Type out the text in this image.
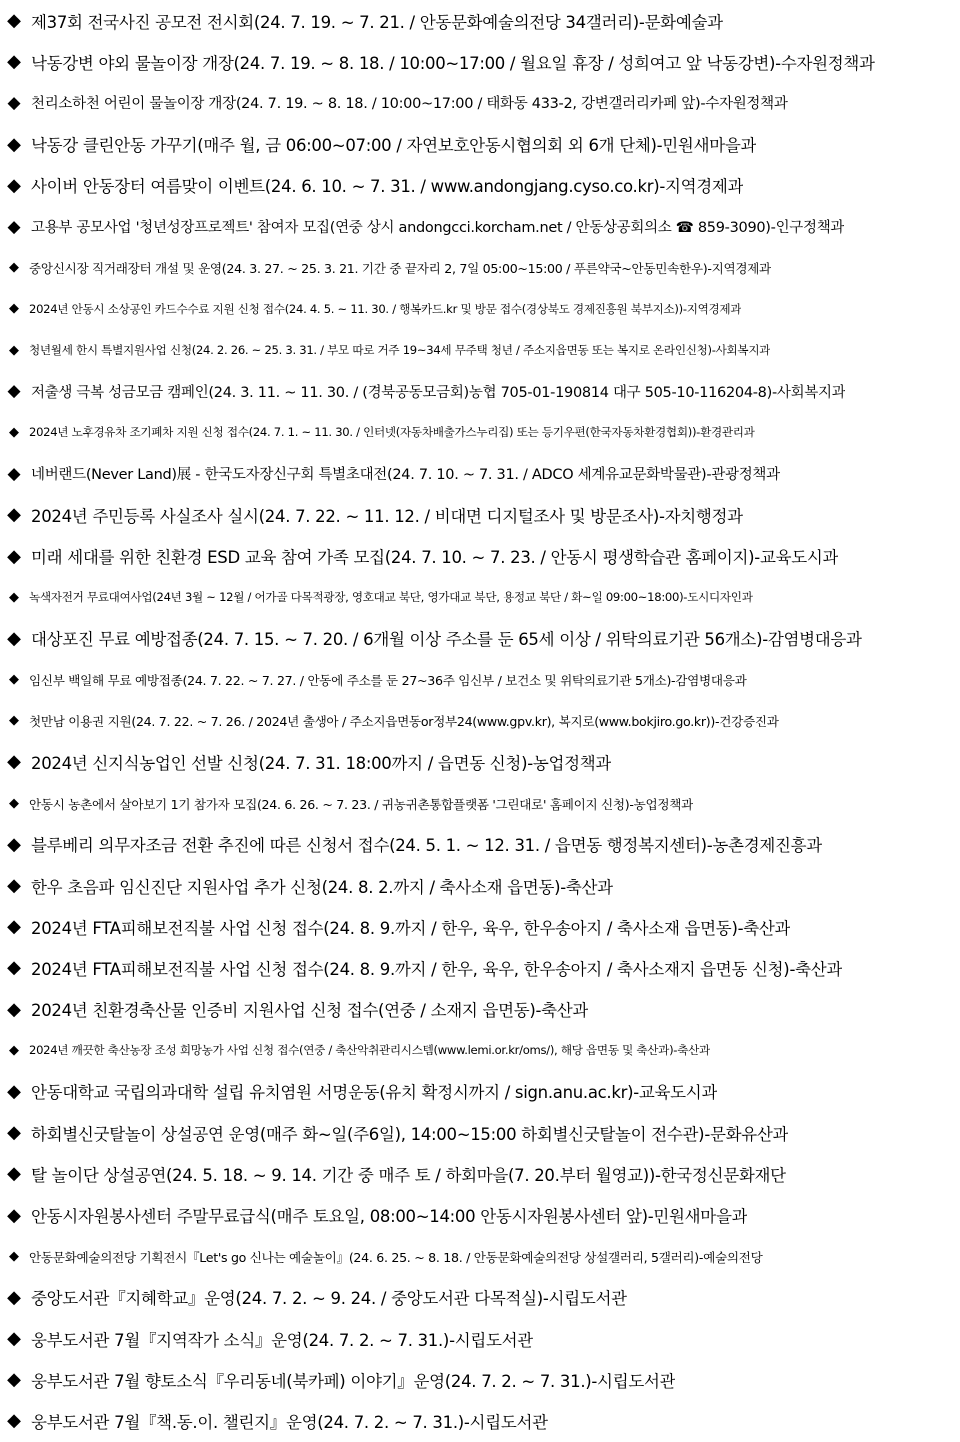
◆ 제37회 전국사진 공모전 전시회(24. 7. 19. ~ 7. 21. / 안동문화예술의전당 34갤러리)-문화예술과
◆ 낙동강변 야외 물놀이장 개장(24. 7. 19. ~ 8. 18. / 10:00~17:00 / 월요일 휴장 / 성희여고 앞 낙동강변)-수자원정책과
◆ 천리소하천 어린이 물놀이장 개장(24. 7. 19. ~ 8. 18. / 10:00~17:00 / 태화동 433-2, 강변갤러리카페 앞)-수자원정책과
◆ 낙동강 클린안동 가꾸기(매주 월, 금 06:00~07:00 / 자연보호안동시협의회 외 6개 단체)-민원새마을과
◆ 사이버 안동장터 여름맞이 이벤트(24. 6. 10. ~ 7. 31. / www.andongjang.cyso.co.kr)-지역경제과
◆ 고용부 공모사업 '청년성장프로젝트' 참여자 모집(연중 상시 andongcci.korcham.net / 안동상공회의소 ☎ 859-3090)-인구정책과
◆ 중앙신시장 직거래장터 개설 및 운영(24. 3. 27. ~ 25. 3. 21. 기간 중 끝자리 2, 7일 05:00~15:00 / 푸른약국~안동민속한우)-지역경제과
◆ 2024년 안동시 소상공인 카드수수료 지원 신청 접수(24. 4. 5. ~ 11. 30. / 행복카드.kr 및 방문 접수(경상북도 경제진흥원 북부지소))-지역경제과
◆ 청년월세 한시 특별지원사업 신청(24. 2. 26. ~ 25. 3. 31. / 부모 따로 거주 19~34세 무주택 청년 / 주소지읍면동 또는 복지로 온라인신청)-사회복지과
◆ 저출생 극복 성금모금 캠페인(24. 3. 11. ~ 11. 30. / (경북공동모금회)농협 705-01-190814 대구 505-10-116204-8)-사회복지과
◆ 2024년 노후경유차 조기폐차 지원 신청 접수(24. 7. 1. ~ 11. 30. / 인터넷(자동차배출가스누리집) 또는 등기우편(한국자동차환경협회))-환경관리과
◆ 네버랜드(Never Land)展 - 한국도자장신구회 특별초대전(24. 7. 10. ~ 7. 31. / ADCO 세계유교문화박물관)-관광정책과
◆ 2024년 주민등록 사실조사 실시(24. 7. 22. ~ 11. 12. / 비대면 디지털조사 및 방문조사)-자치행정과
◆ 미래 세대를 위한 친환경 ESD 교육 참여 가족 모집(24. 7. 10. ~ 7. 23. / 안동시 평생학습관 홈페이지)-교육도시과
◆ 녹색자전거 무료대여사업(24년 3월 ~ 12월 / 어가골 다목적광장, 영호대교 북단, 영가대교 북단, 용정교 북단 / 화~일 09:00~18:00)-도시디자인과
◆ 대상포진 무료 예방접종(24. 7. 15. ~ 7. 20. / 6개월 이상 주소를 둔 65세 이상 / 위탁의료기관 56개소)-감염병대응과
◆ 임신부 백일해 무료 예방접종(24. 7. 22. ~ 7. 27. / 안동에 주소를 둔 27~36주 임신부 / 보건소 및 위탁의료기관 5개소)-감염병대응과
◆ 첫만남 이용권 지원(24. 7. 22. ~ 7. 26. / 2024년 출생아 / 주소지읍면동or정부24(www.gpv.kr), 복지로(www.bokjiro.go.kr))-건강증진과
◆ 2024년 신지식농업인 선발 신청(24. 7. 31. 18:00까지 / 읍면동 신청)-농업정책과
◆ 안동시 농촌에서 살아보기 1기 참가자 모집(24. 6. 26. ~ 7. 23. / 귀농귀촌통합플랫폼 '그린대로' 홈페이지 신청)-농업정책과
◆ 블루베리 의무자조금 전환 추진에 따른 신청서 접수(24. 5. 1. ~ 12. 31. / 읍면동 행정복지센터)-농촌경제진흥과
◆ 한우 초음파 임신진단 지원사업 추가 신청(24. 8. 2.까지 / 축사소재 읍면동)-축산과
◆ 2024년 FTA피해보전직불 사업 신청 접수(24. 8. 9.까지 / 한우, 육우, 한우송아지 / 축사소재 읍면동)-축산과
◆ 2024년 FTA피해보전직불 사업 신청 접수(24. 8. 9.까지 / 한우, 육우, 한우송아지 / 축사소재지 읍면동 신청)-축산과
◆ 2024년 친환경축산물 인증비 지원사업 신청 접수(연중 / 소재지 읍면동)-축산과
◆ 2024년 깨끗한 축산농장 조성 희망농가 사업 신청 접수(연중 / 축산악취관리시스템(www.lemi.or.kr/oms/), 해당 읍면동 및 축산과)-축산과
◆ 안동대학교 국립의과대학 설립 유치염원 서명운동(유치 확정시까지 / sign.anu.ac.kr)-교육도시과
◆ 하회별신굿탈놀이 상설공연 운영(매주 화~일(주6일), 14:00~15:00 하회별신굿탈놀이 전수관)-문화유산과
◆ 탈 놀이단 상설공연(24. 5. 18. ~ 9. 14. 기간 중 매주 토 / 하회마을(7. 20.부터 월영교))-한국정신문화재단
◆ 안동시자원봉사센터 주말무료급식(매주 토요일, 08:00~14:00 안동시자원봉사센터 앞)-민원새마을과
◆ 안동문화예술의전당 기획전시『Let's go 신나는 예술놀이』(24. 6. 25. ~ 8. 18. / 안동문화예술의전당 상설갤러리, 5갤러리)-예술의전당
◆ 중앙도서관『지혜학교』운영(24. 7. 2. ~ 9. 24. / 중앙도서관 다목적실)-시립도서관
◆ 웅부도서관 7월『지역작가 소식』운영(24. 7. 2. ~ 7. 31.)-시립도서관
◆ 웅부도서관 7월 향토소식『우리동네(북카페) 이야기』운영(24. 7. 2. ~ 7. 31.)-시립도서관
◆ 웅부도서관 7월『책.동.이. 챌린지』운영(24. 7. 2. ~ 7. 31.)-시립도서관
